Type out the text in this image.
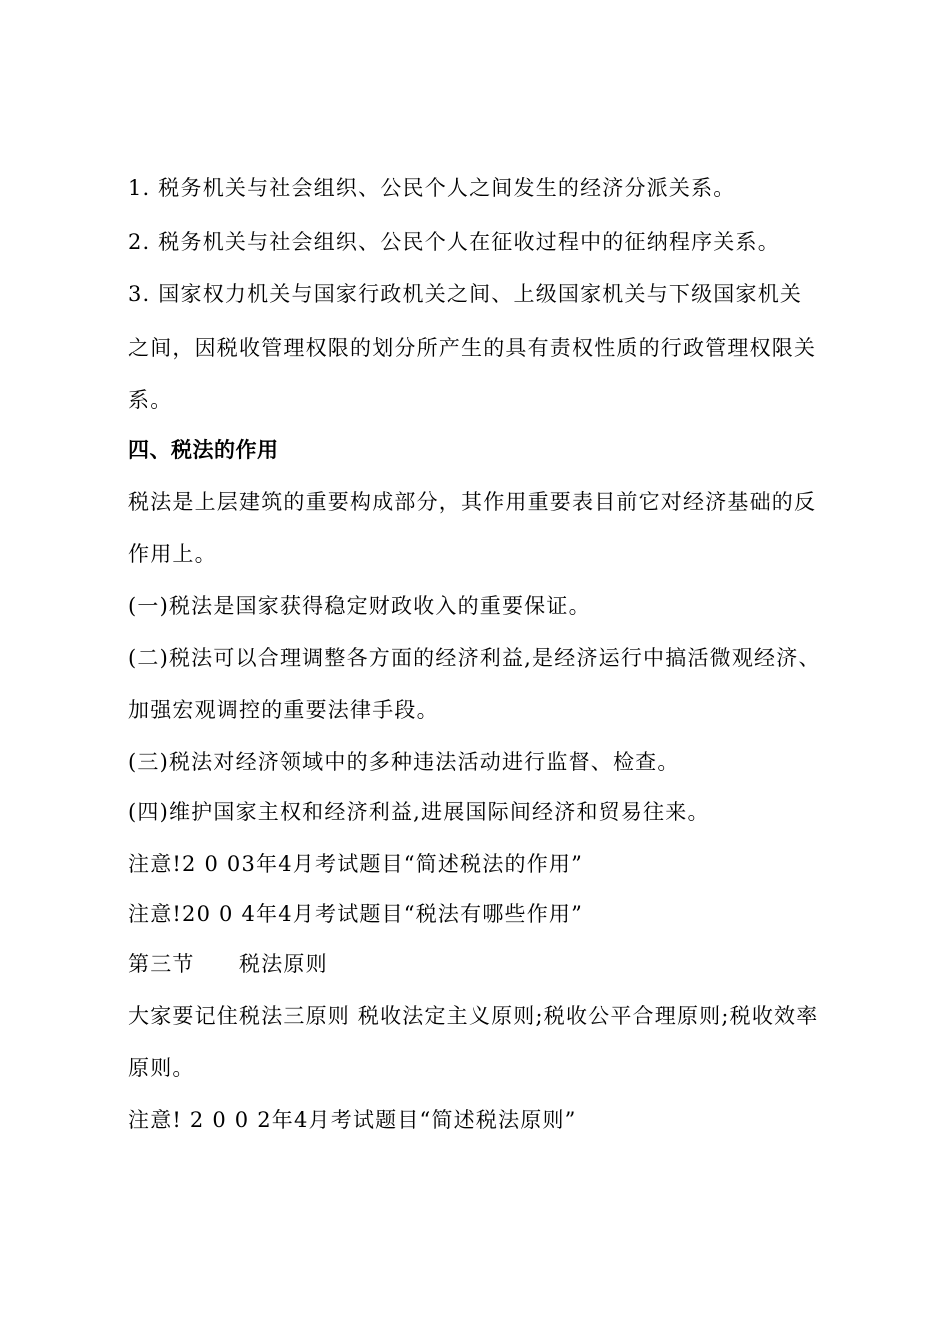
1. 税务机关与社会组织、公民个人之间发生的经济分派关系。
2. 税务机关与社会组织、公民个人在征收过程中的征纳程序关系。
3. 国家权力机关与国家行政机关之间、上级国家机关与下级国家机关
之间，因税收管理权限的划分所产生的具有责权性质的行政管理权限关
系。
四、税法的作用
税法是上层建筑的重要构成部分，其作用重要表目前它对经济基础的反
作用上。
(一)税法是国家获得稳定财政收入的重要保证。
(二)税法可以合理调整各方面的经济利益,是经济运行中搞活微观经济、
加强宏观调控的重要法律手段。
(三)税法对经济领域中的多种违法活动进行监督、检查。
(四)维护国家主权和经济利益,进展国际间经济和贸易往来。
注意!2 0 03年4月考试题目“简述税法的作用”
注意!20 0 4年4月考试题目“税法有哪些作用”
第三节　　税法原则
大家要记住税法三原则 税收法定主义原则;税收公平合理原则;税收效率
原则。
注意! 2 0 0 2年4月考试题目“简述税法原则”
